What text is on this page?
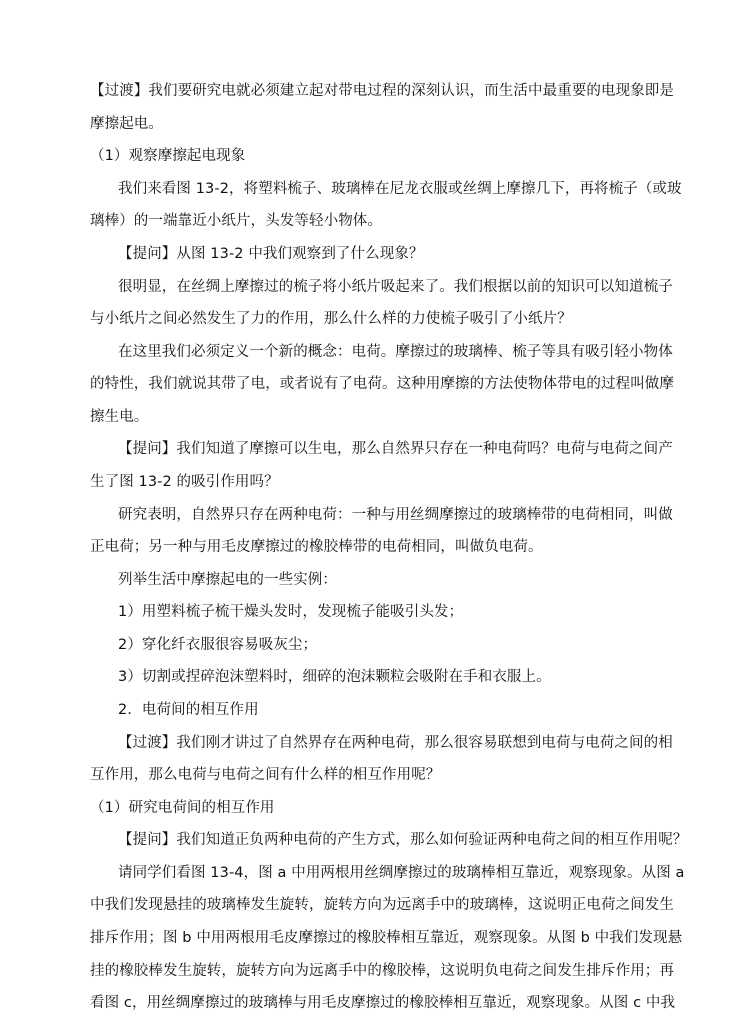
【过渡】我们要研究电就必须建立起对带电过程的深刻认识，而生活中最重要的电现象即是
摩擦起电。
（1）观察摩擦起电现象
我们来看图 13-2，将塑料梳子、玻璃棒在尼龙衣服或丝绸上摩擦几下，再将梳子（或玻
璃棒）的一端靠近小纸片，头发等轻小物体。
【提问】从图 13-2 中我们观察到了什么现象？
很明显，在丝绸上摩擦过的梳子将小纸片吸起来了。我们根据以前的知识可以知道梳子
与小纸片之间必然发生了力的作用，那么什么样的力使梳子吸引了小纸片？
在这里我们必须定义一个新的概念：电荷。摩擦过的玻璃棒、梳子等具有吸引轻小物体
的特性，我们就说其带了电，或者说有了电荷。这种用摩擦的方法使物体带电的过程叫做摩
擦生电。
【提问】我们知道了摩擦可以生电，那么自然界只存在一种电荷吗？电荷与电荷之间产
生了图 13-2 的吸引作用吗？
研究表明，自然界只存在两种电荷：一种与用丝绸摩擦过的玻璃棒带的电荷相同，叫做
正电荷；另一种与用毛皮摩擦过的橡胶棒带的电荷相同，叫做负电荷。
列举生活中摩擦起电的一些实例：
1）用塑料梳子梳干燥头发时，发现梳子能吸引头发；
2）穿化纤衣服很容易吸灰尘；
3）切割或捏碎泡沫塑料时，细碎的泡沫颗粒会吸附在手和衣服上。
2．电荷间的相互作用
【过渡】我们刚才讲过了自然界存在两种电荷，那么很容易联想到电荷与电荷之间的相
互作用，那么电荷与电荷之间有什么样的相互作用呢？
（1）研究电荷间的相互作用
【提问】我们知道正负两种电荷的产生方式，那么如何验证两种电荷之间的相互作用呢？
请同学们看图 13-4，图 a 中用两根用丝绸摩擦过的玻璃棒相互靠近，观察现象。从图 a
中我们发现悬挂的玻璃棒发生旋转，旋转方向为远离手中的玻璃棒，这说明正电荷之间发生
排斥作用；图 b 中用两根用毛皮摩擦过的橡胶棒相互靠近，观察现象。从图 b 中我们发现悬
挂的橡胶棒发生旋转，旋转方向为远离手中的橡胶棒，这说明负电荷之间发生排斥作用；再
看图 c，用丝绸摩擦过的玻璃棒与用毛皮摩擦过的橡胶棒相互靠近，观察现象。从图 c 中我
